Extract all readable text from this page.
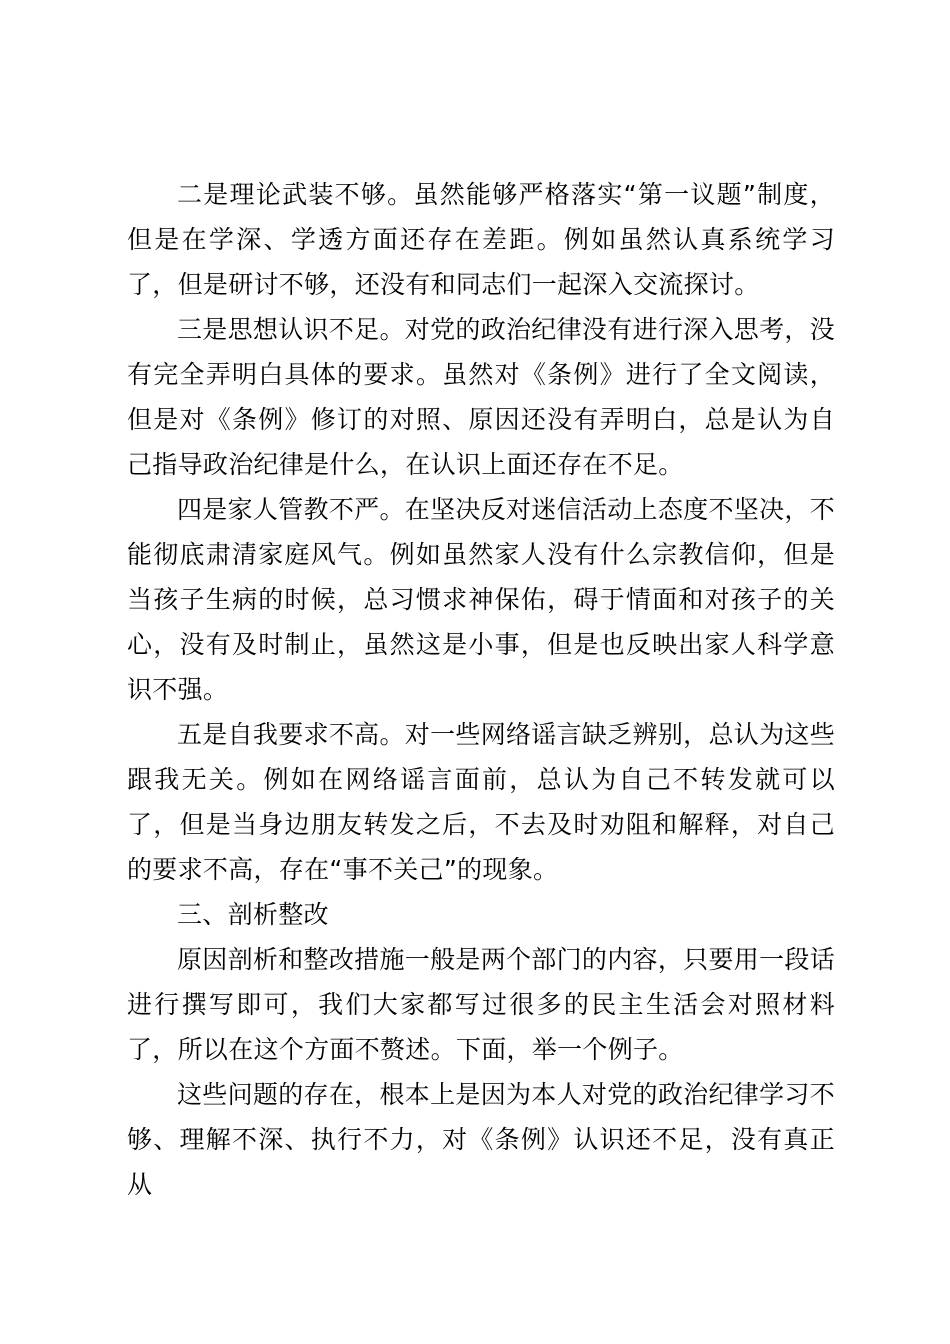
二是理论武装不够。虽然能够严格落实“第一议题”制度，但是在学深、学透方面还存在差距。例如虽然认真系统学习了，但是研讨不够，还没有和同志们一起深入交流探讨。

三是思想认识不足。对党的政治纪律没有进行深入思考，没有完全弄明白具体的要求。虽然对《条例》进行了全文阅读，但是对《条例》修订的对照、原因还没有弄明白，总是认为自己指导政治纪律是什么，在认识上面还存在不足。

四是家人管教不严。在坚决反对迷信活动上态度不坚决，不能彻底肃清家庭风气。例如虽然家人没有什么宗教信仰，但是当孩子生病的时候，总习惯求神保佑，碍于情面和对孩子的关心，没有及时制止，虽然这是小事，但是也反映出家人科学意识不强。

五是自我要求不高。对一些网络谣言缺乏辨别，总认为这些跟我无关。例如在网络谣言面前，总认为自己不转发就可以了，但是当身边朋友转发之后，不去及时劝阻和解释，对自己的要求不高，存在“事不关己”的现象。

三、剖析整改

原因剖析和整改措施一般是两个部门的内容，只要用一段话进行撰写即可，我们大家都写过很多的民主生活会对照材料了，所以在这个方面不赘述。下面，举一个例子。

这些问题的存在，根本上是因为本人对党的政治纪律学习不够、理解不深、执行不力，对《条例》认识还不足，没有真正从
